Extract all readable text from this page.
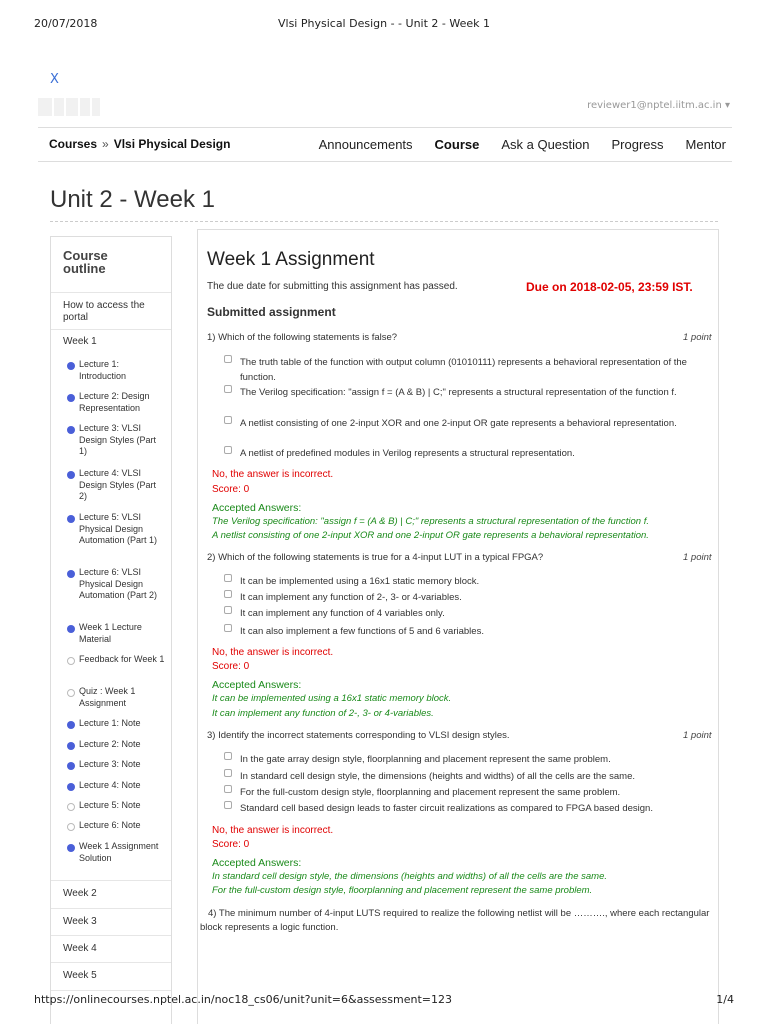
20/07/2018	Vlsi Physical Design - - Unit 2 - Week 1
X
reviewer1@nptel.iitm.ac.in ▾
Courses » Vlsi Physical Design	Announcements Course Ask a Question Progress Mentor
Unit 2 - Week 1
Course outline
How to access the portal
Week 1
Lecture 1: Introduction
Lecture 2: Design Representation
Lecture 3: VLSI Design Styles (Part 1)
Lecture 4: VLSI Design Styles (Part 2)
Lecture 5: VLSI Physical Design Automation (Part 1)
Lecture 6: VLSI Physical Design Automation (Part 2)
Week 1 Lecture Material
Feedback for Week 1
Quiz : Week 1 Assignment
Lecture 1: Note
Lecture 2: Note
Lecture 3: Note
Lecture 4: Note
Lecture 5: Note
Lecture 6: Note
Week 1 Assignment Solution
Week 2
Week 3
Week 4
Week 5
Week 1 Assignment
The due date for submitting this assignment has passed.	Due on 2018-02-05, 23:59 IST.
Submitted assignment
1) Which of the following statements is false?	1 point
The truth table of the function with output column (01010111) represents a behavioral representation of the function.
The Verilog specification: "assign f = (A & B) | C;" represents a structural representation of the function f.
A netlist consisting of one 2-input XOR and one 2-input OR gate represents a behavioral representation.
A netlist of predefined modules in Verilog represents a structural representation.
No, the answer is incorrect.
Score: 0
Accepted Answers:
The Verilog specification: "assign f = (A & B) | C;" represents a structural representation of the function f.
A netlist consisting of one 2-input XOR and one 2-input OR gate represents a behavioral representation.
2) Which of the following statements is true for a 4-input LUT in a typical FPGA?	1 point
It can be implemented using a 16x1 static memory block.
It can implement any function of 2-, 3- or 4-variables.
It can implement any function of 4 variables only.
It can also implement a few functions of 5 and 6 variables.
No, the answer is incorrect.
Score: 0
Accepted Answers:
It can be implemented using a 16x1 static memory block.
It can implement any function of 2-, 3- or 4-variables.
3) Identify the incorrect statements corresponding to VLSI design styles.	1 point
In the gate array design style, floorplanning and placement represent the same problem.
In standard cell design style, the dimensions (heights and widths) of all the cells are the same.
For the full-custom design style, floorplanning and placement represent the same problem.
Standard cell based design leads to faster circuit realizations as compared to FPGA based design.
No, the answer is incorrect.
Score: 0
Accepted Answers:
In standard cell design style, the dimensions (heights and widths) of all the cells are the same.
For the full-custom design style, floorplanning and placement represent the same problem.
4) The minimum number of 4-input LUTS required to realize the following netlist will be ………., where each rectangular block represents a logic function.
https://onlinecourses.nptel.ac.in/noc18_cs06/unit?unit=6&assessment=123	1/4
